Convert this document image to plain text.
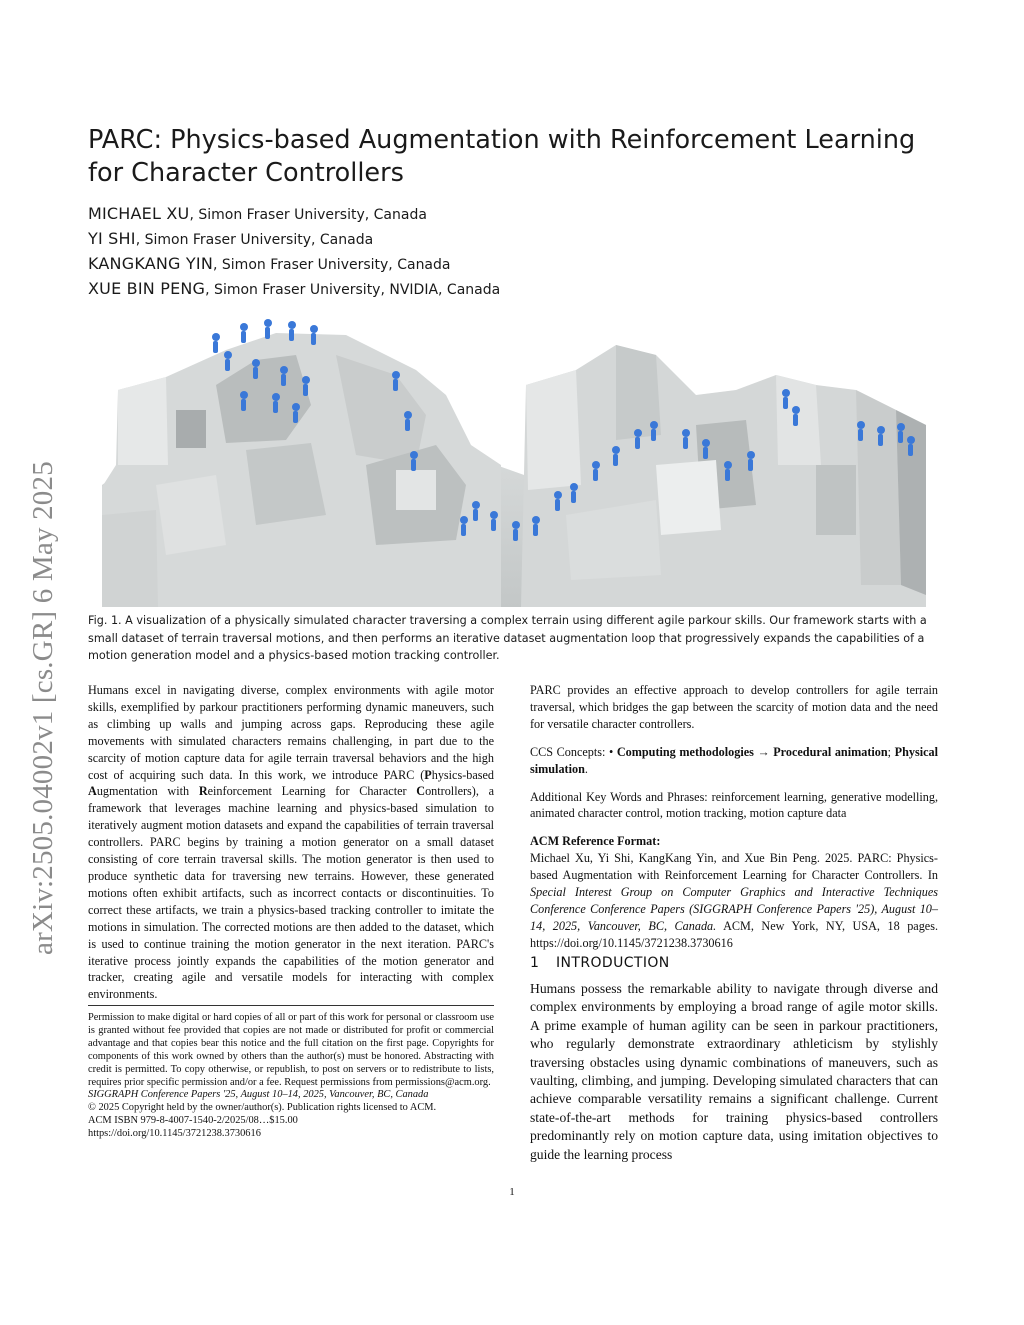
arXiv:2505.04002v1 [cs.GR] 6 May 2025
PARC: Physics-based Augmentation with Reinforcement Learning for Character Controllers
MICHAEL XU, Simon Fraser University, Canada
YI SHI, Simon Fraser University, Canada
KANGKANG YIN, Simon Fraser University, Canada
XUE BIN PENG, Simon Fraser University, NVIDIA, Canada

Fig. 1. A visualization of a physically simulated character traversing a complex terrain using different agile parkour skills. Our framework starts with a small dataset of terrain traversal motions, and then performs an iterative dataset augmentation loop that progressively expands the capabilities of a motion generation model and a physics-based motion tracking controller.

Humans excel in navigating diverse, complex environments with agile motor skills, exemplified by parkour practitioners performing dynamic maneuvers, such as climbing up walls and jumping across gaps. Reproducing these agile movements with simulated characters remains challenging, in part due to the scarcity of motion capture data for agile terrain traversal behaviors and the high cost of acquiring such data. In this work, we introduce PARC (Physics-based Augmentation with Reinforcement Learning for Character Controllers), a framework that leverages machine learning and physics-based simulation to iteratively augment motion datasets and expand the capabilities of terrain traversal controllers. PARC begins by training a motion generator on a small dataset consisting of core terrain traversal skills. The motion generator is then used to produce synthetic data for traversing new terrains. However, these generated motions often exhibit artifacts, such as incorrect contacts or discontinuities. To correct these artifacts, we train a physics-based tracking controller to imitate the motions in simulation. The corrected motions are then added to the dataset, which is used to continue training the motion generator in the next iteration. PARC's iterative process jointly expands the capabilities of the motion generator and tracker, creating agile and versatile models for interacting with complex environments.

PARC provides an effective approach to develop controllers for agile terrain traversal, which bridges the gap between the scarcity of motion data and the need for versatile character controllers.

CCS Concepts: • Computing methodologies → Procedural animation; Physical simulation.

Additional Key Words and Phrases: reinforcement learning, generative modelling, animated character control, motion tracking, motion capture data

ACM Reference Format:
Michael Xu, Yi Shi, KangKang Yin, and Xue Bin Peng. 2025. PARC: Physics-based Augmentation with Reinforcement Learning for Character Controllers. In Special Interest Group on Computer Graphics and Interactive Techniques Conference Conference Papers (SIGGRAPH Conference Papers '25), August 10–14, 2025, Vancouver, BC, Canada. ACM, New York, NY, USA, 18 pages. https://doi.org/10.1145/3721238.3730616
Permission to make digital or hard copies of all or part of this work for personal or classroom use is granted without fee provided that copies are not made or distributed for profit or commercial advantage and that copies bear this notice and the full citation on the first page. Copyrights for components of this work owned by others than the author(s) must be honored. Abstracting with credit is permitted. To copy otherwise, or republish, to post on servers or to redistribute to lists, requires prior specific permission and/or a fee. Request permissions from permissions@acm.org.
SIGGRAPH Conference Papers '25, August 10–14, 2025, Vancouver, BC, Canada
© 2025 Copyright held by the owner/author(s). Publication rights licensed to ACM.
ACM ISBN 979-8-4007-1540-2/2025/08…$15.00
https://doi.org/10.1145/3721238.3730616
1 INTRODUCTION

Humans possess the remarkable ability to navigate through diverse and complex environments by employing a broad range of agile motor skills. A prime example of human agility can be seen in parkour practitioners, who regularly demonstrate extraordinary athleticism by stylishly traversing obstacles using dynamic combinations of maneuvers, such as vaulting, climbing, and jumping. Developing simulated characters that can achieve comparable versatility remains a significant challenge. Current state-of-the-art methods for training physics-based controllers predominantly rely on motion capture data, using imitation objectives to guide the learning process

1
